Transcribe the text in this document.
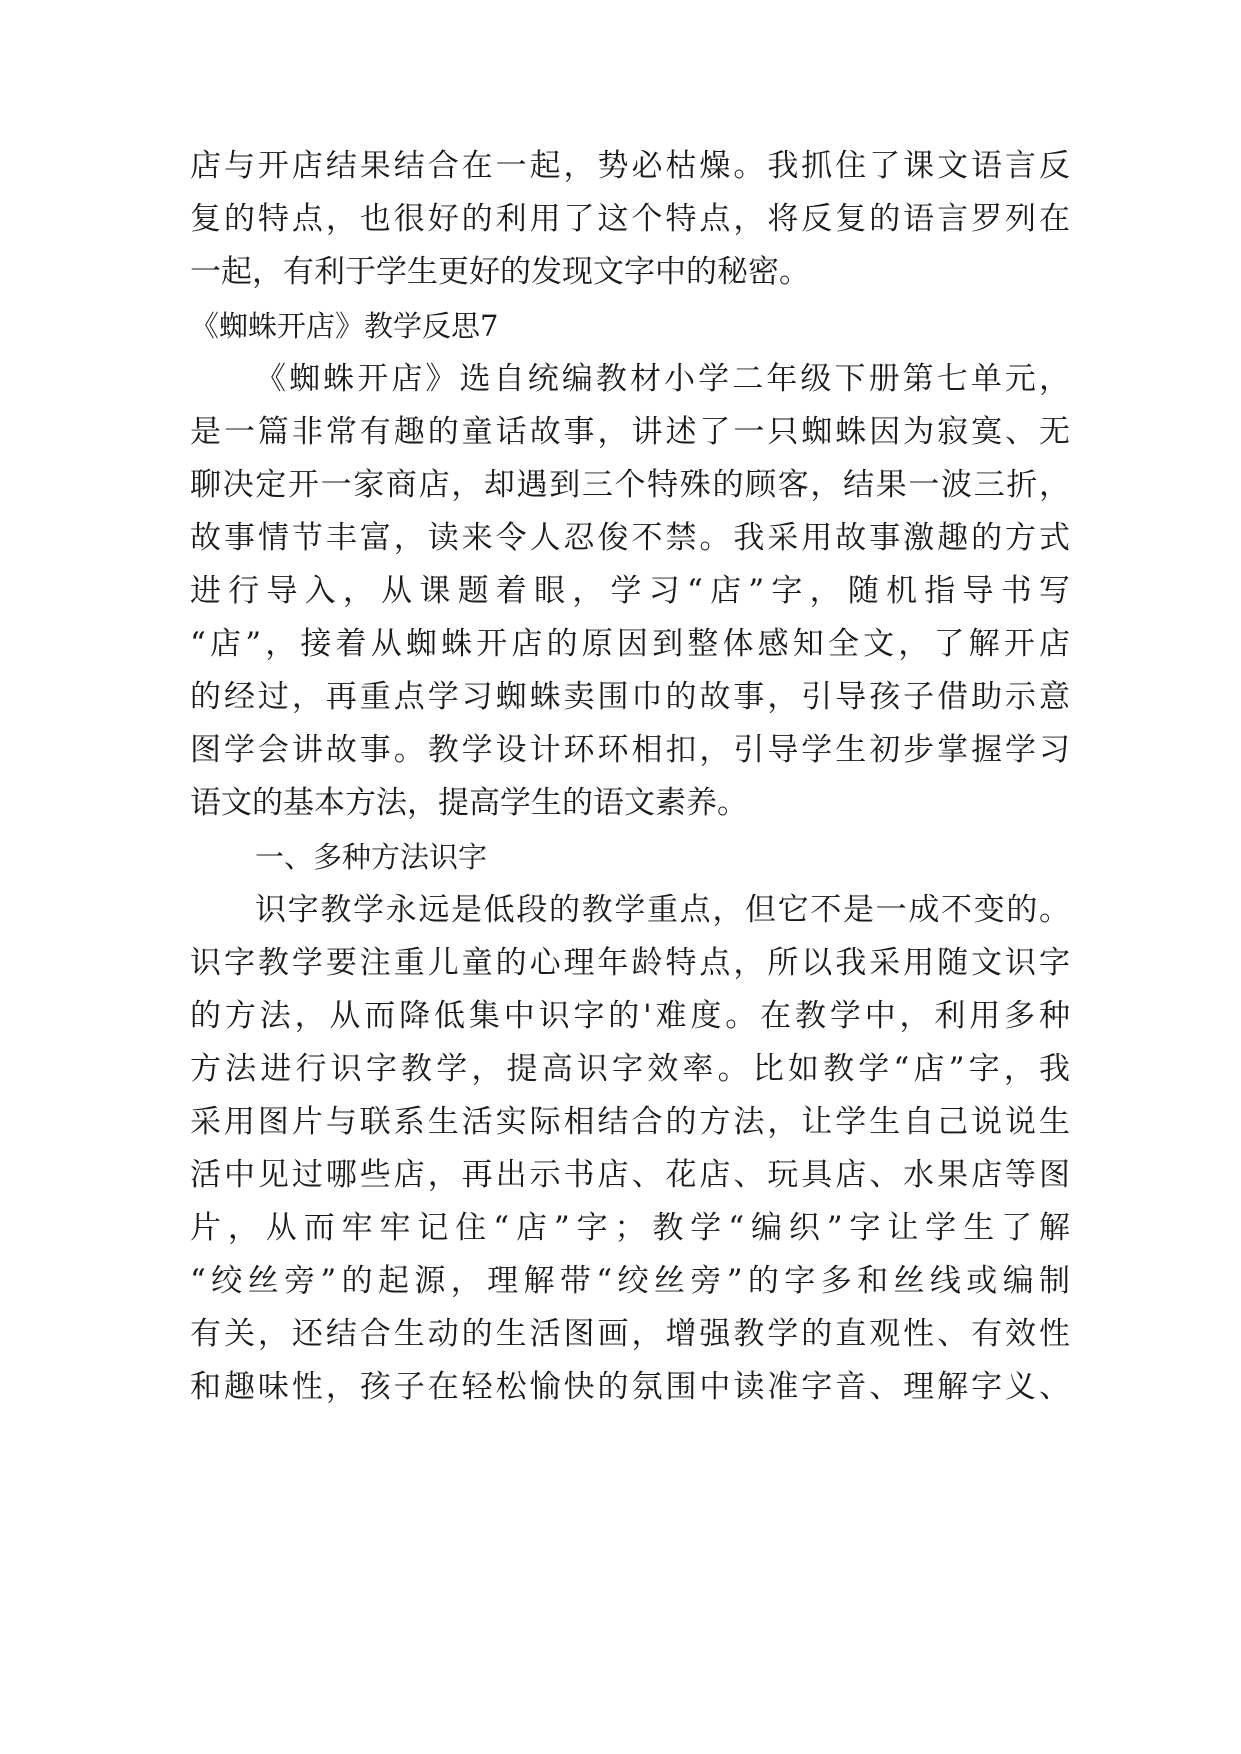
店与开店结果结合在一起，势必枯燥。我抓住了课文语言反
复的特点，也很好的利用了这个特点，将反复的语言罗列在
一起，有利于学生更好的发现文字中的秘密。
《蜘蛛开店》教学反思7
《蜘蛛开店》选自统编教材小学二年级下册第七单元，
是一篇非常有趣的童话故事，讲述了一只蜘蛛因为寂寞、无
聊决定开一家商店，却遇到三个特殊的顾客，结果一波三折，
故事情节丰富，读来令人忍俊不禁。我采用故事激趣的方式
进行导入，从课题着眼，学习“店”字，随机指导书写
“店”，接着从蜘蛛开店的原因到整体感知全文，了解开店
的经过，再重点学习蜘蛛卖围巾的故事，引导孩子借助示意
图学会讲故事。教学设计环环相扣，引导学生初步掌握学习
语文的基本方法，提高学生的语文素养。
一、多种方法识字
识字教学永远是低段的教学重点，但它不是一成不变的。
识字教学要注重儿童的心理年龄特点，所以我采用随文识字
的方法，从而降低集中识字的'难度。在教学中，利用多种
方法进行识字教学，提高识字效率。比如教学“店”字，我
采用图片与联系生活实际相结合的方法，让学生自己说说生
活中见过哪些店，再出示书店、花店、玩具店、水果店等图
片，从而牢牢记住“店”字；教学“编织”字让学生了解
“绞丝旁”的起源，理解带“绞丝旁”的字多和丝线或编制
有关，还结合生动的生活图画，增强教学的直观性、有效性
和趣味性，孩子在轻松愉快的氛围中读准字音、理解字义、
